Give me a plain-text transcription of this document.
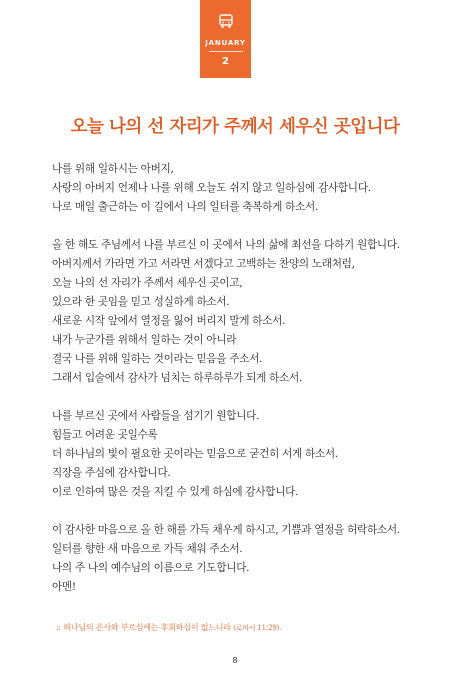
JANUARY
2
오늘 나의 선 자리가 주께서 세우신 곳입니다

나를 위해 일하시는 아버지,
사랑의 아버지 언제나 나를 위해 오늘도 쉬지 않고 일하심에 감사합니다.
나로 매일 출근하는 이 길에서 나의 일터를 축복하게 하소서.

올 한 해도 주님께서 나를 부르신 이 곳에서 나의 삶에 최선을 다하기 원합니다.
아버지께서 가라면 가고 서라면 서겠다고 고백하는 찬양의 노래처럼,
오늘 나의 선 자리가 주께서 세우신 곳이고,
있으라 한 곳임을 믿고 성실하게 하소서.
새로운 시작 앞에서 열정을 잃어 버리지 말게 하소서.
내가 누군가를 위해서 일하는 것이 아니라
결국 나를 위해 일하는 것이라는 믿음을 주소서.
그래서 입술에서 감사가 넘치는 하루하루가 되게 하소서.

나를 부르신 곳에서 사람들을 섬기기 원합니다.
힘들고 어려운 곳일수록
더 하나님의 빛이 필요한 곳이라는 믿음으로 굳건히 서게 하소서.
직장을 주심에 감사합니다.
이로 인하여 많은 것을 지킬 수 있게 하심에 감사합니다.

이 감사한 마음으로 올 한 해를 가득 채우게 하시고, 기쁨과 열정을 허락하소서.
일터를 향한 새 마음으로 가득 채워 주소서.
나의 주 나의 예수님의 이름으로 기도합니다.
아멘!

:: 하나님의 은사와 부르심에는 후회하심이 없느니라 (로마서 11:29).
8
